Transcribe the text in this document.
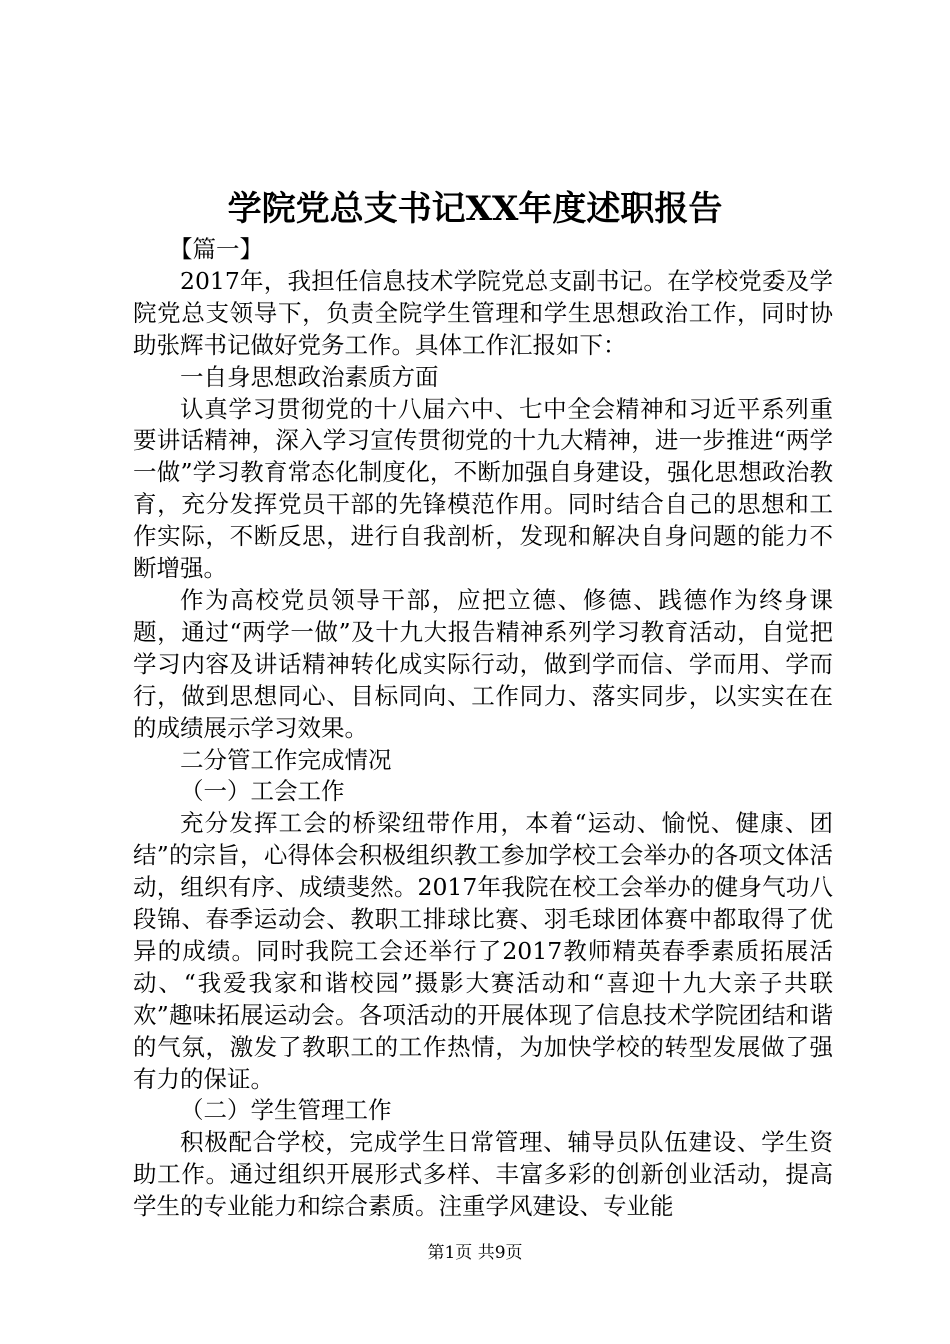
学院党总支书记XX年度述职报告

【篇一】

2017年，我担任信息技术学院党总支副书记。在学校党委及学院党总支领导下，负责全院学生管理和学生思想政治工作，同时协助张辉书记做好党务工作。具体工作汇报如下：

一自身思想政治素质方面

认真学习贯彻党的十八届六中、七中全会精神和习近平系列重要讲话精神，深入学习宣传贯彻党的十九大精神，进一步推进“两学一做”学习教育常态化制度化，不断加强自身建设，强化思想政治教育，充分发挥党员干部的先锋模范作用。同时结合自己的思想和工作实际，不断反思，进行自我剖析，发现和解决自身问题的能力不断增强。

作为高校党员领导干部，应把立德、修德、践德作为终身课题，通过“两学一做”及十九大报告精神系列学习教育活动，自觉把学习内容及讲话精神转化成实际行动，做到学而信、学而用、学而行，做到思想同心、目标同向、工作同力、落实同步，以实实在在的成绩展示学习效果。

二分管工作完成情况

（一）工会工作

充分发挥工会的桥梁纽带作用，本着“运动、愉悦、健康、团结”的宗旨，心得体会积极组织教工参加学校工会举办的各项文体活动，组织有序、成绩斐然。2017年我院在校工会举办的健身气功八段锦、春季运动会、教职工排球比赛、羽毛球团体赛中都取得了优异的成绩。同时我院工会还举行了2017教师精英春季素质拓展活动、“我爱我家和谐校园”摄影大赛活动和“喜迎十九大亲子共联欢”趣味拓展运动会。各项活动的开展体现了信息技术学院团结和谐的气氛，激发了教职工的工作热情，为加快学校的转型发展做了强有力的保证。

（二）学生管理工作

积极配合学校，完成学生日常管理、辅导员队伍建设、学生资助工作。通过组织开展形式多样、丰富多彩的创新创业活动，提高学生的专业能力和综合素质。注重学风建设、专业能

第1页 共9页
